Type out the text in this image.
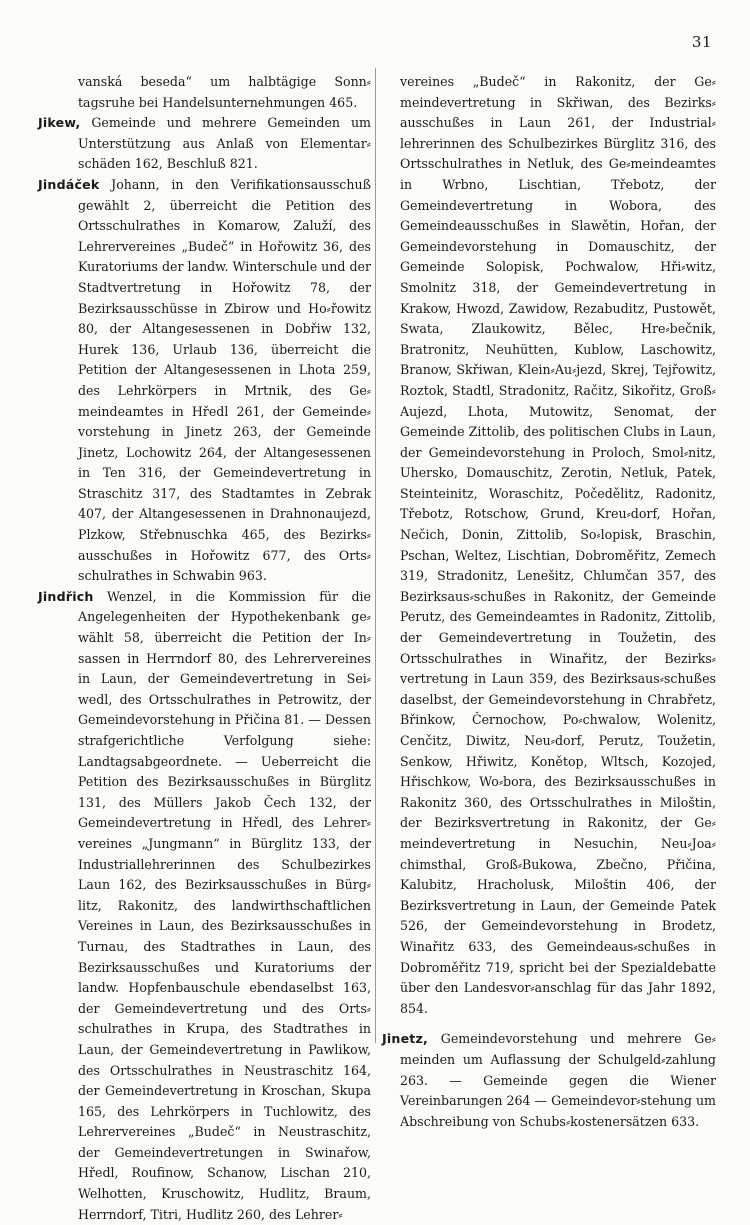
31

vanská beseda“ um halbtägige Sonn⸗tagsruhe bei Handelsunternehmungen 465.

Jikew, Gemeinde und mehrere Gemeinden um Unterstützung aus Anlaß von Elementar⸗schäden 162, Beschluß 821.

Jindáček Johann, in den Verifikationsausschuß gewählt 2, überreicht die Petition des Ortsschulrathes in Komarow, Zaluží, des Lehrervereines „Budeč“ in Hořowitz 36, des Kuratoriums der landw. Winterschule und der Stadtvertretung in Hořowitz 78, der Bezirksausschüsse in Zbirow und Ho⸗řowitz 80, der Altangesessenen in Dobřiw 132, Hurek 136, Urlaub 136, überreicht die Petition der Altangesessenen in Lhota 259, des Lehrkörpers in Mrtnik, des Ge⸗meindeamtes in Hředl 261, der Gemeinde⸗vorstehung in Jinetz 263, der Gemeinde Jinetz, Lochowitz 264, der Altangesessenen in Ten 316, der Gemeindevertretung in Straschitz 317, des Stadtamtes in Zebrak 407, der Altangesessenen in Drahnonaujezd, Plzkow, Střebnuschka 465, des Bezirks⸗ausschußes in Hořowitz 677, des Orts⸗schulrathes in Schwabin 963.

Jindřich Wenzel, in die Kommission für die Angelegenheiten der Hypothekenbank ge⸗wählt 58, überreicht die Petition der In⸗sassen in Herrndorf 80, des Lehrervereines in Laun, der Gemeindevertretung in Sei⸗wedl, des Ortsschulrathes in Petrowitz, der Gemeindevorstehung in Přičina 81. — Dessen strafgerichtliche Verfolgung siehe: Landtagsabgeordnete. — Ueberreicht die Petition des Bezirksausschußes in Bürglitz 131, des Müllers Jakob Čech 132, der Gemeindevertretung in Hředl, des Lehrer⸗vereines „Jungmann“ in Bürglitz 133, der Industriallehrerinnen des Schulbezirkes Laun 162, des Bezirksausschußes in Bürg⸗litz, Rakonitz, des landwirthschaftlichen Vereines in Laun, des Bezirksausschußes in Turnau, des Stadtrathes in Laun, des Bezirksausschußes und Kuratoriums der landw. Hopfenbauschule ebendaselbst 163, der Gemeindevertretung und des Orts⸗schulrathes in Krupa, des Stadtrathes in Laun, der Gemeindevertretung in Pawlikow, des Ortsschulrathes in Neustraschitz 164, der Gemeindevertretung in Kroschan, Skupa 165, des Lehrkörpers in Tuchlowitz, des Lehrervereines „Budeč“ in Neustraschitz, der Gemeindevertretungen in Swinařow, Hředl, Roufinow, Schanow, Lischan 210, Welhotten, Kruschowitz, Hudlitz, Braum, Herrndorf, Titri, Hudlitz 260, des Lehrer⸗

vereines „Budeč“ in Rakonitz, der Ge⸗meindevertretung in Skřiwan, des Bezirks⸗ausschußes in Laun 261, der Industrial⸗lehrerinnen des Schulbezirkes Bürglitz 316, des Ortsschulrathes in Netluk, des Ge⸗meindeamtes in Wrbno, Lischtian, Třebotz, der Gemeindevertretung in Wobora, des Gemeindeausschußes in Slawětin, Hořan, der Gemeindevorstehung in Domauschitz, der Gemeinde Solopisk, Pochwalow, Hři⸗witz, Smolnitz 318, der Gemeindevertretung in Krakow, Hwozd, Zawidow, Rezabuditz, Pustowět, Swata, Zlaukowitz, Bělec, Hre⸗bečnik, Bratronitz, Neuhütten, Kublow, Laschowitz, Branow, Skřiwan, Klein⸗Au⸗jezd, Skrej, Tejřowitz, Roztok, Stadtl, Stradonitz, Račitz, Sikořitz, Groß⸗Aujezd, Lhota, Mutowitz, Senomat, der Gemeinde Zittolib, des politischen Clubs in Laun, der Gemeindevorstehung in Proloch, Smol⸗nitz, Uhersko, Domauschitz, Zerotin, Netluk, Patek, Steinteinitz, Woraschitz, Počedělitz, Radonitz, Třebotz, Rotschow, Grund, Kreu⸗dorf, Hořan, Nečich, Donin, Zittolib, So⸗lopisk, Braschin, Pschan, Weltez, Lischtian, Dobroměřitz, Zemech 319, Stradonitz, Lenešitz, Chlumčan 357, des Bezirksaus⸗schußes in Rakonitz, der Gemeinde Perutz, des Gemeindeamtes in Radonitz, Zittolib, der Gemeindevertretung in Toužetin, des Ortsschulrathes in Winařitz, der Bezirks⸗vertretung in Laun 359, des Bezirksaus⸗schußes daselbst, der Gemeindevorstehung in Chrabřetz, Břinkow, Černochow, Po⸗chwalow, Wolenitz, Cenčitz, Diwitz, Neu⸗dorf, Perutz, Toužetin, Senkow, Hřiwitz, Konětop, Wltsch, Kozojed, Hřischkow, Wo⸗bora, des Bezirksausschußes in Rakonitz 360, des Ortsschulrathes in Miloštin, der Bezirksvertretung in Rakonitz, der Ge⸗meindevertretung in Nesuchin, Neu⸗Joa⸗chimsthal, Groß⸗Bukowa, Zbečno, Přičina, Kalubitz, Hracholusk, Miloštin 406, der Bezirksvertretung in Laun, der Gemeinde Patek 526, der Gemeindevorstehung in Brodetz, Winařitz 633, des Gemeindeaus⸗schußes in Dobroměřitz 719, spricht bei der Spezialdebatte über den Landesvor⸗anschlag für das Jahr 1892, 854.

Jinetz, Gemeindevorstehung und mehrere Ge⸗meinden um Auflassung der Schulgeld⸗zahlung 263. — Gemeinde gegen die Wiener Vereinbarungen 264 — Gemeindevor⸗stehung um Abschreibung von Schubs⸗kostenersätzen 633.
